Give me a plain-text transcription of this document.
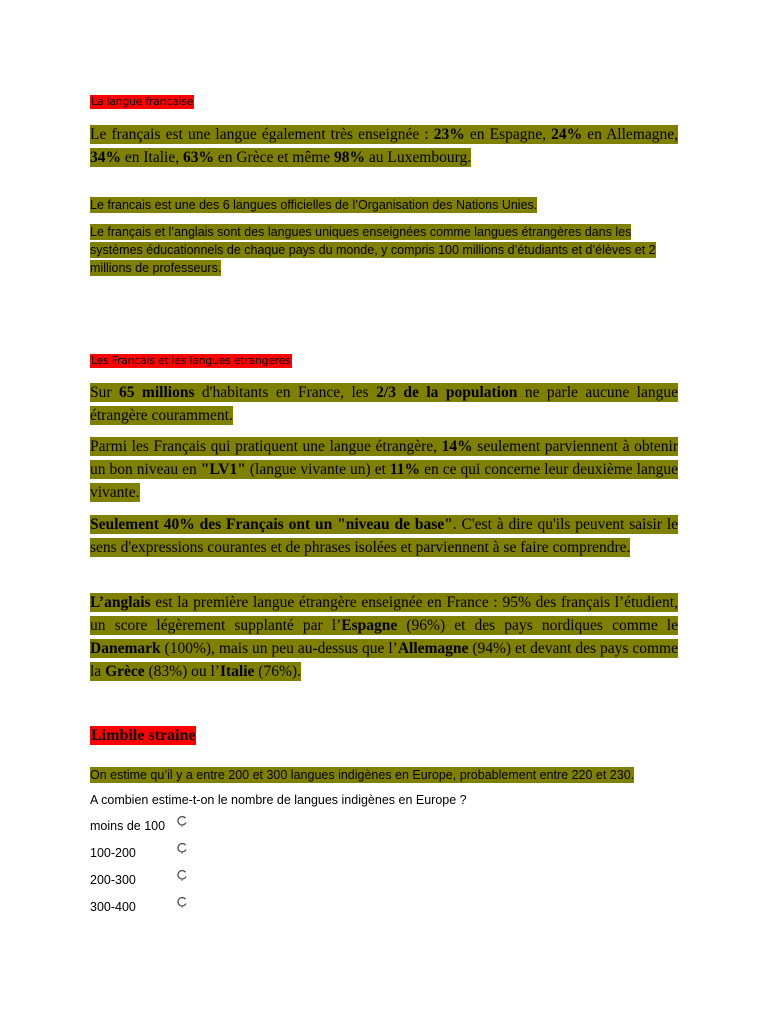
La langue francaise

Le français est une langue également très enseignée : 23% en Espagne, 24% en Allemagne, 34% en Italie, 63% en Grèce et même 98% au Luxembourg.

Le francais est une des 6 langues officielles de l’Organisation des Nations Unies.

Le français et l’anglais sont des langues uniques enseignées comme langues étrangères dans les systèmes éducationnels de chaque pays du monde, y compris 100 millions d’étudiants et d’élèves et 2 millions de professeurs.

Les Francais et les langues etrangeres

Sur 65 millions d'habitants en France, les 2/3 de la population ne parle aucune langue étrangère couramment.

Parmi les Français qui pratiquent une langue étrangère, 14% seulement parviennent à obtenir un bon niveau en "LV1" (langue vivante un) et 11% en ce qui concerne leur deuxième langue vivante.

Seulement 40% des Français ont un "niveau de base". C'est à dire qu'ils peuvent saisir le sens d'expressions courantes et de phrases isolées et parviennent à se faire comprendre.

L’anglais est la première langue étrangère enseignée en France : 95% des français l’étudient, un score légèrement supplanté par l’Espagne (96%) et des pays nordiques comme le Danemark (100%), mais un peu au-dessus que l’Allemagne (94%) et devant des pays comme la Grèce (83%) ou l’Italie (76%).

Limbile straine

On estime qu’il y a entre 200 et 300 langues indigènes en Europe, probablement entre 220 et 230.

A combien estime-t-on le nombre de langues indigènes en Europe ?
moins de 100
100-200
200-300
300-400
